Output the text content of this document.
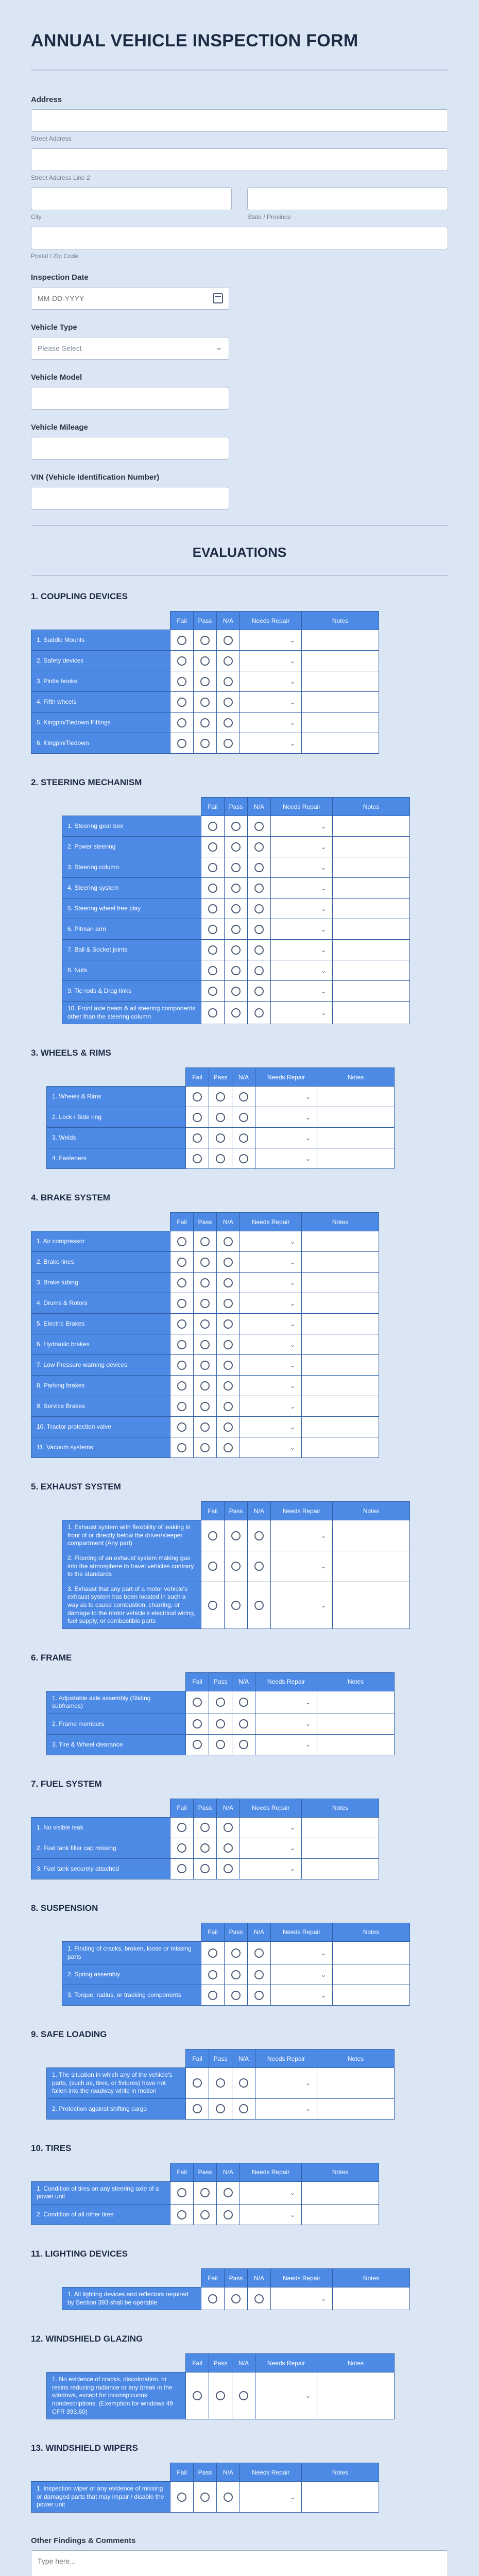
ANNUAL VEHICLE INSPECTION FORM
Address
Street Address
Street Address Line 2
City	State / Province
Postal / Zip Code
Inspection Date
MM-DD-YYYY
Vehicle Type
Please Select	⌄
Vehicle Model
Vehicle Mileage
VIN (Vehicle Identification Number)
EVALUATIONS
1. COUPLING DEVICES
	Fail	Pass	N/A	Needs Repair	Notes
1. Saddle Mounts				⌄	

2. Safety devices				⌄	

3. Pintle hooks				⌄	

4. Fifth wheels				⌄	

5. Kingpin/Tiedown Fittings				⌄	

6. Kingpin/Tiedown				⌄	

2. STEERING MECHANISM
	Fail	Pass	N/A	Needs Repair	Notes
1. Steering gear box				⌄	

2. Power steering				⌄	

3. Steering column				⌄	

4. Steering system				⌄	

5. Steering wheel free play				⌄	

6. Pitman arm				⌄	

7. Ball & Socket joints				⌄	

8. Nuts				⌄	

9. Tie rods & Drag links				⌄	

10. Front axle beam & all steering components other than the steering column				⌄	

3. WHEELS & RIMS
	Fail	Pass	N/A	Needs Repair	Notes
1. Wheels & Rims				⌄	

2. Lock / Side ring				⌄	

3. Welds				⌄	

4. Fasteners				⌄	

4. BRAKE SYSTEM
	Fail	Pass	N/A	Needs Repair	Notes
1. Air compressor				⌄	

2. Brake lines				⌄	

3. Brake tubing				⌄	

4. Drums & Rotors				⌄	

5. Electric Brakes				⌄	

6. Hydraulic brakes				⌄	

7. Low Pressure warning devices				⌄	

8. Parking brakes				⌄	

9. Service Brakes				⌄	

10. Tractor protection valve				⌄	

11. Vacuum systems				⌄	

5. EXHAUST SYSTEM
	Fail	Pass	N/A	Needs Repair	Notes
1. Exhaust system with flexibility of leaking in front of or directly below the driver/sleeper compartment (Any part)				⌄	

2. Flooring of an exhaust system making gas into the atmosphere to travel vehicles contrary to the standards				⌄	

3. Exhaust that any part of a motor vehicle's exhaust system has been located in such a way as to cause combustion, charring, or damage to the motor vehicle's electrical wiring, fuel supply, or combustible parts				⌄	

6. FRAME
	Fail	Pass	N/A	Needs Repair	Notes
1. Adjustable axle assembly (Sliding subframes)				⌄	

2. Frame members				⌄	

3. Tire & Wheel clearance				⌄	

7. FUEL SYSTEM
	Fail	Pass	N/A	Needs Repair	Notes
1. No visible leak				⌄	

2. Fuel tank filler cap missing				⌄	

3. Fuel tank securely attached				⌄	

8. SUSPENSION
	Fail	Pass	N/A	Needs Repair	Notes
1. Finding of cracks, broken, loose or missing parts				⌄	

2. Spring assembly				⌄	

3. Torque, radius, or tracking components				⌄	

9. SAFE LOADING
	Fail	Pass	N/A	Needs Repair	Notes
1. The situation in which any of the vehicle's parts, (such as, tires, or fixtures) have not fallen into the roadway while in motion				⌄	

2. Protection against shifting cargo				⌄	

10. TIRES
	Fail	Pass	N/A	Needs Repair	Notes
1. Condition of tires on any steering axle of a power unit				⌄	

2. Condition of all other tires				⌄	

11. LIGHTING DEVICES
	Fail	Pass	N/A	Needs Repair	Notes
1. All lighting devices and reflectors required by Section 393 shall be operable				⌄	

12. WINDSHIELD GLAZING
	Fail	Pass	N/A	Needs Repair	Notes
1. No evidence of cracks, discoloration, or resins reducing radiance or any break in the windows, except for inconspicuous nondescriptions. (Exemption for windows 49 CFR 393.60)				⌄	

13. WINDSHIELD WIPERS
	Fail	Pass	N/A	Needs Repair	Notes
1. Inspection wiper or any evidence of missing or damaged parts that may impair / disable the power unit				⌄	

Other Findings & Comments
Type here...
